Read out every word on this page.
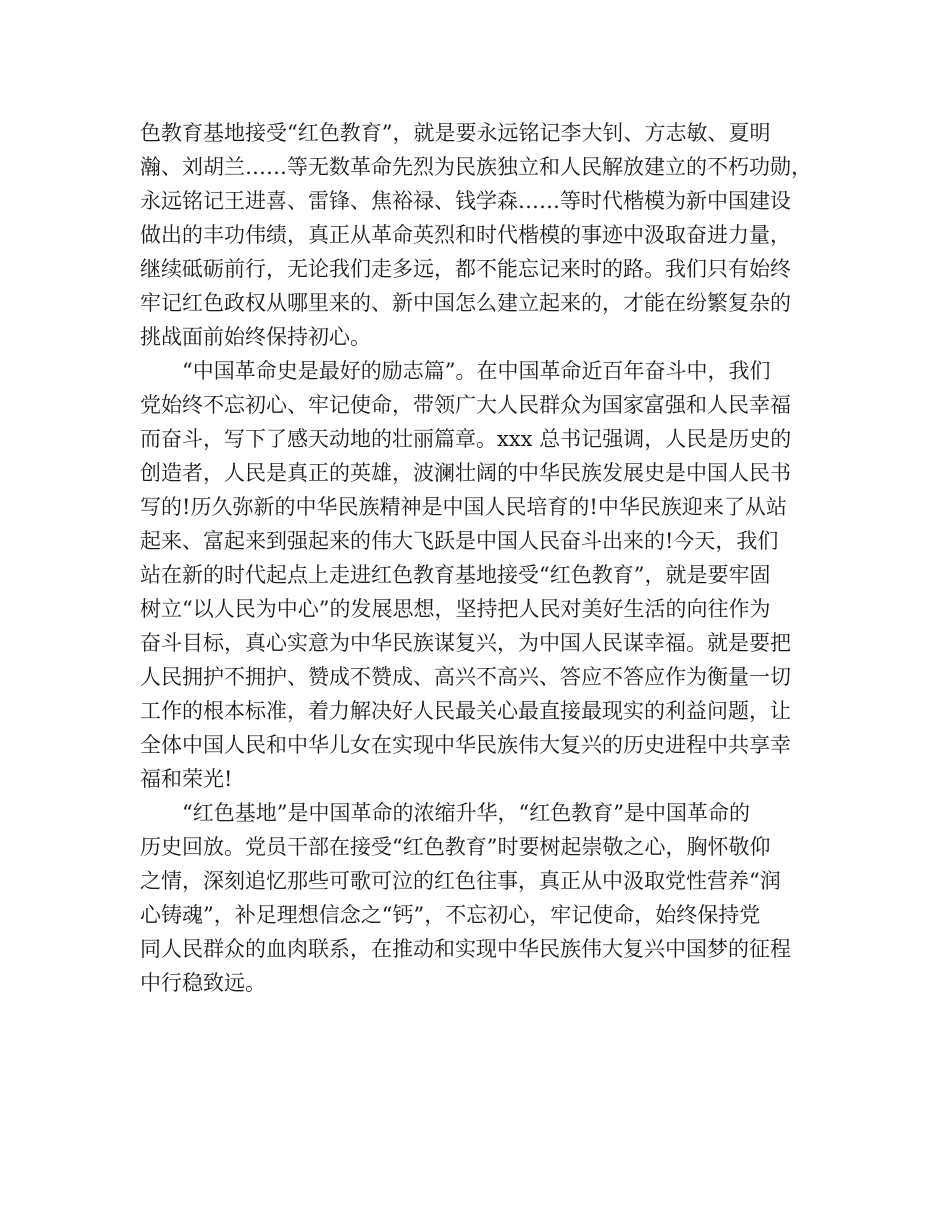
色教育基地接受“红色教育”，就是要永远铭记李大钊、方志敏、夏明
瀚、刘胡兰……等无数革命先烈为民族独立和人民解放建立的不朽功勋，
永远铭记王进喜、雷锋、焦裕禄、钱学森……等时代楷模为新中国建设
做出的丰功伟绩，真正从革命英烈和时代楷模的事迹中汲取奋进力量，
继续砥砺前行，无论我们走多远，都不能忘记来时的路。我们只有始终
牢记红色政权从哪里来的、新中国怎么建立起来的，才能在纷繁复杂的
挑战面前始终保持初心。
　　“中国革命史是最好的励志篇”。在中国革命近百年奋斗中，我们
党始终不忘初心、牢记使命，带领广大人民群众为国家富强和人民幸福
而奋斗，写下了感天动地的壮丽篇章。xxx 总书记强调，人民是历史的
创造者，人民是真正的英雄，波澜壮阔的中华民族发展史是中国人民书
写的!历久弥新的中华民族精神是中国人民培育的!中华民族迎来了从站
起来、富起来到强起来的伟大飞跃是中国人民奋斗出来的!今天，我们
站在新的时代起点上走进红色教育基地接受“红色教育”，就是要牢固
树立“以人民为中心”的发展思想，坚持把人民对美好生活的向往作为
奋斗目标，真心实意为中华民族谋复兴，为中国人民谋幸福。就是要把
人民拥护不拥护、赞成不赞成、高兴不高兴、答应不答应作为衡量一切
工作的根本标准，着力解决好人民最关心最直接最现实的利益问题，让
全体中国人民和中华儿女在实现中华民族伟大复兴的历史进程中共享幸
福和荣光!
　　“红色基地”是中国革命的浓缩升华，“红色教育”是中国革命的
历史回放。党员干部在接受“红色教育”时要树起崇敬之心，胸怀敬仰
之情，深刻追忆那些可歌可泣的红色往事，真正从中汲取党性营养“润
心铸魂”，补足理想信念之“钙”，不忘初心，牢记使命，始终保持党
同人民群众的血肉联系，在推动和实现中华民族伟大复兴中国梦的征程
中行稳致远。
